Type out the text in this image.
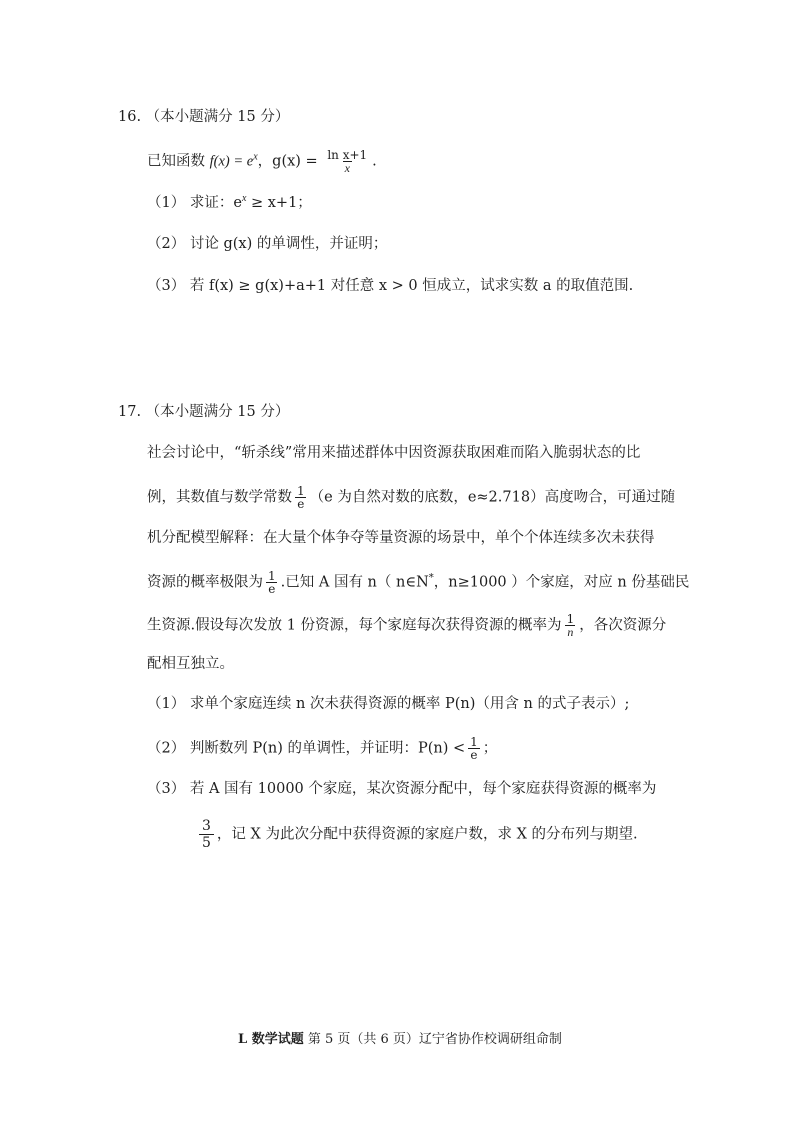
16. （本小题满分 15 分）
已知函数 $f(x) = e^x$，$g(x) = \frac{\text{ln x+1}}{x}$ .
（1） 求证：$e^x \ge x+1$；
（2） 讨论 g(x) 的单调性，并证明；
（3） 若 f(x) ≥ g(x)+a+1 对任意 x > 0 恒成立，试求实数 a 的取值范围.
17. （本小题满分 15 分）
社会讨论中，“斩杀线”常用来描述群体中因资源获取困难而陷入脆弱状态的比
例，其数值与数学常数 $\frac{1}{e} (e$ 为自然对数的底数，e≈2.718）高度吻合，可通过随
机分配模型解释：在大量个体争夺等量资源的场景中，单个个体连续多次未获得
资源的概率极限为 $\frac{1}{e}$ .已知 A 国有 n（ n∈N*，n≥1000 ）个家庭，对应 n 份基础民
生资源.假设每次发放 1 份资源，每个家庭每次获得资源的概率为 $\frac{1}{n}$ ，各次资源分
配相互独立。
（1） 求单个家庭连续 n 次未获得资源的概率 P(n)（用含 n 的式子表示）;
（2） 判断数列 P(n) 的单调性，并证明：$P(n) < \frac{1}{e}$ ；
（3） 若 A 国有 10000 个家庭，某次资源分配中，每个家庭获得资源的概率为
$\frac{3}{5}$ ，记 X 为此次分配中获得资源的家庭户数，求 X 的分布列与期望.
L 数学试题 第 5 页（共 6 页）辽宁省协作校调研组命制
